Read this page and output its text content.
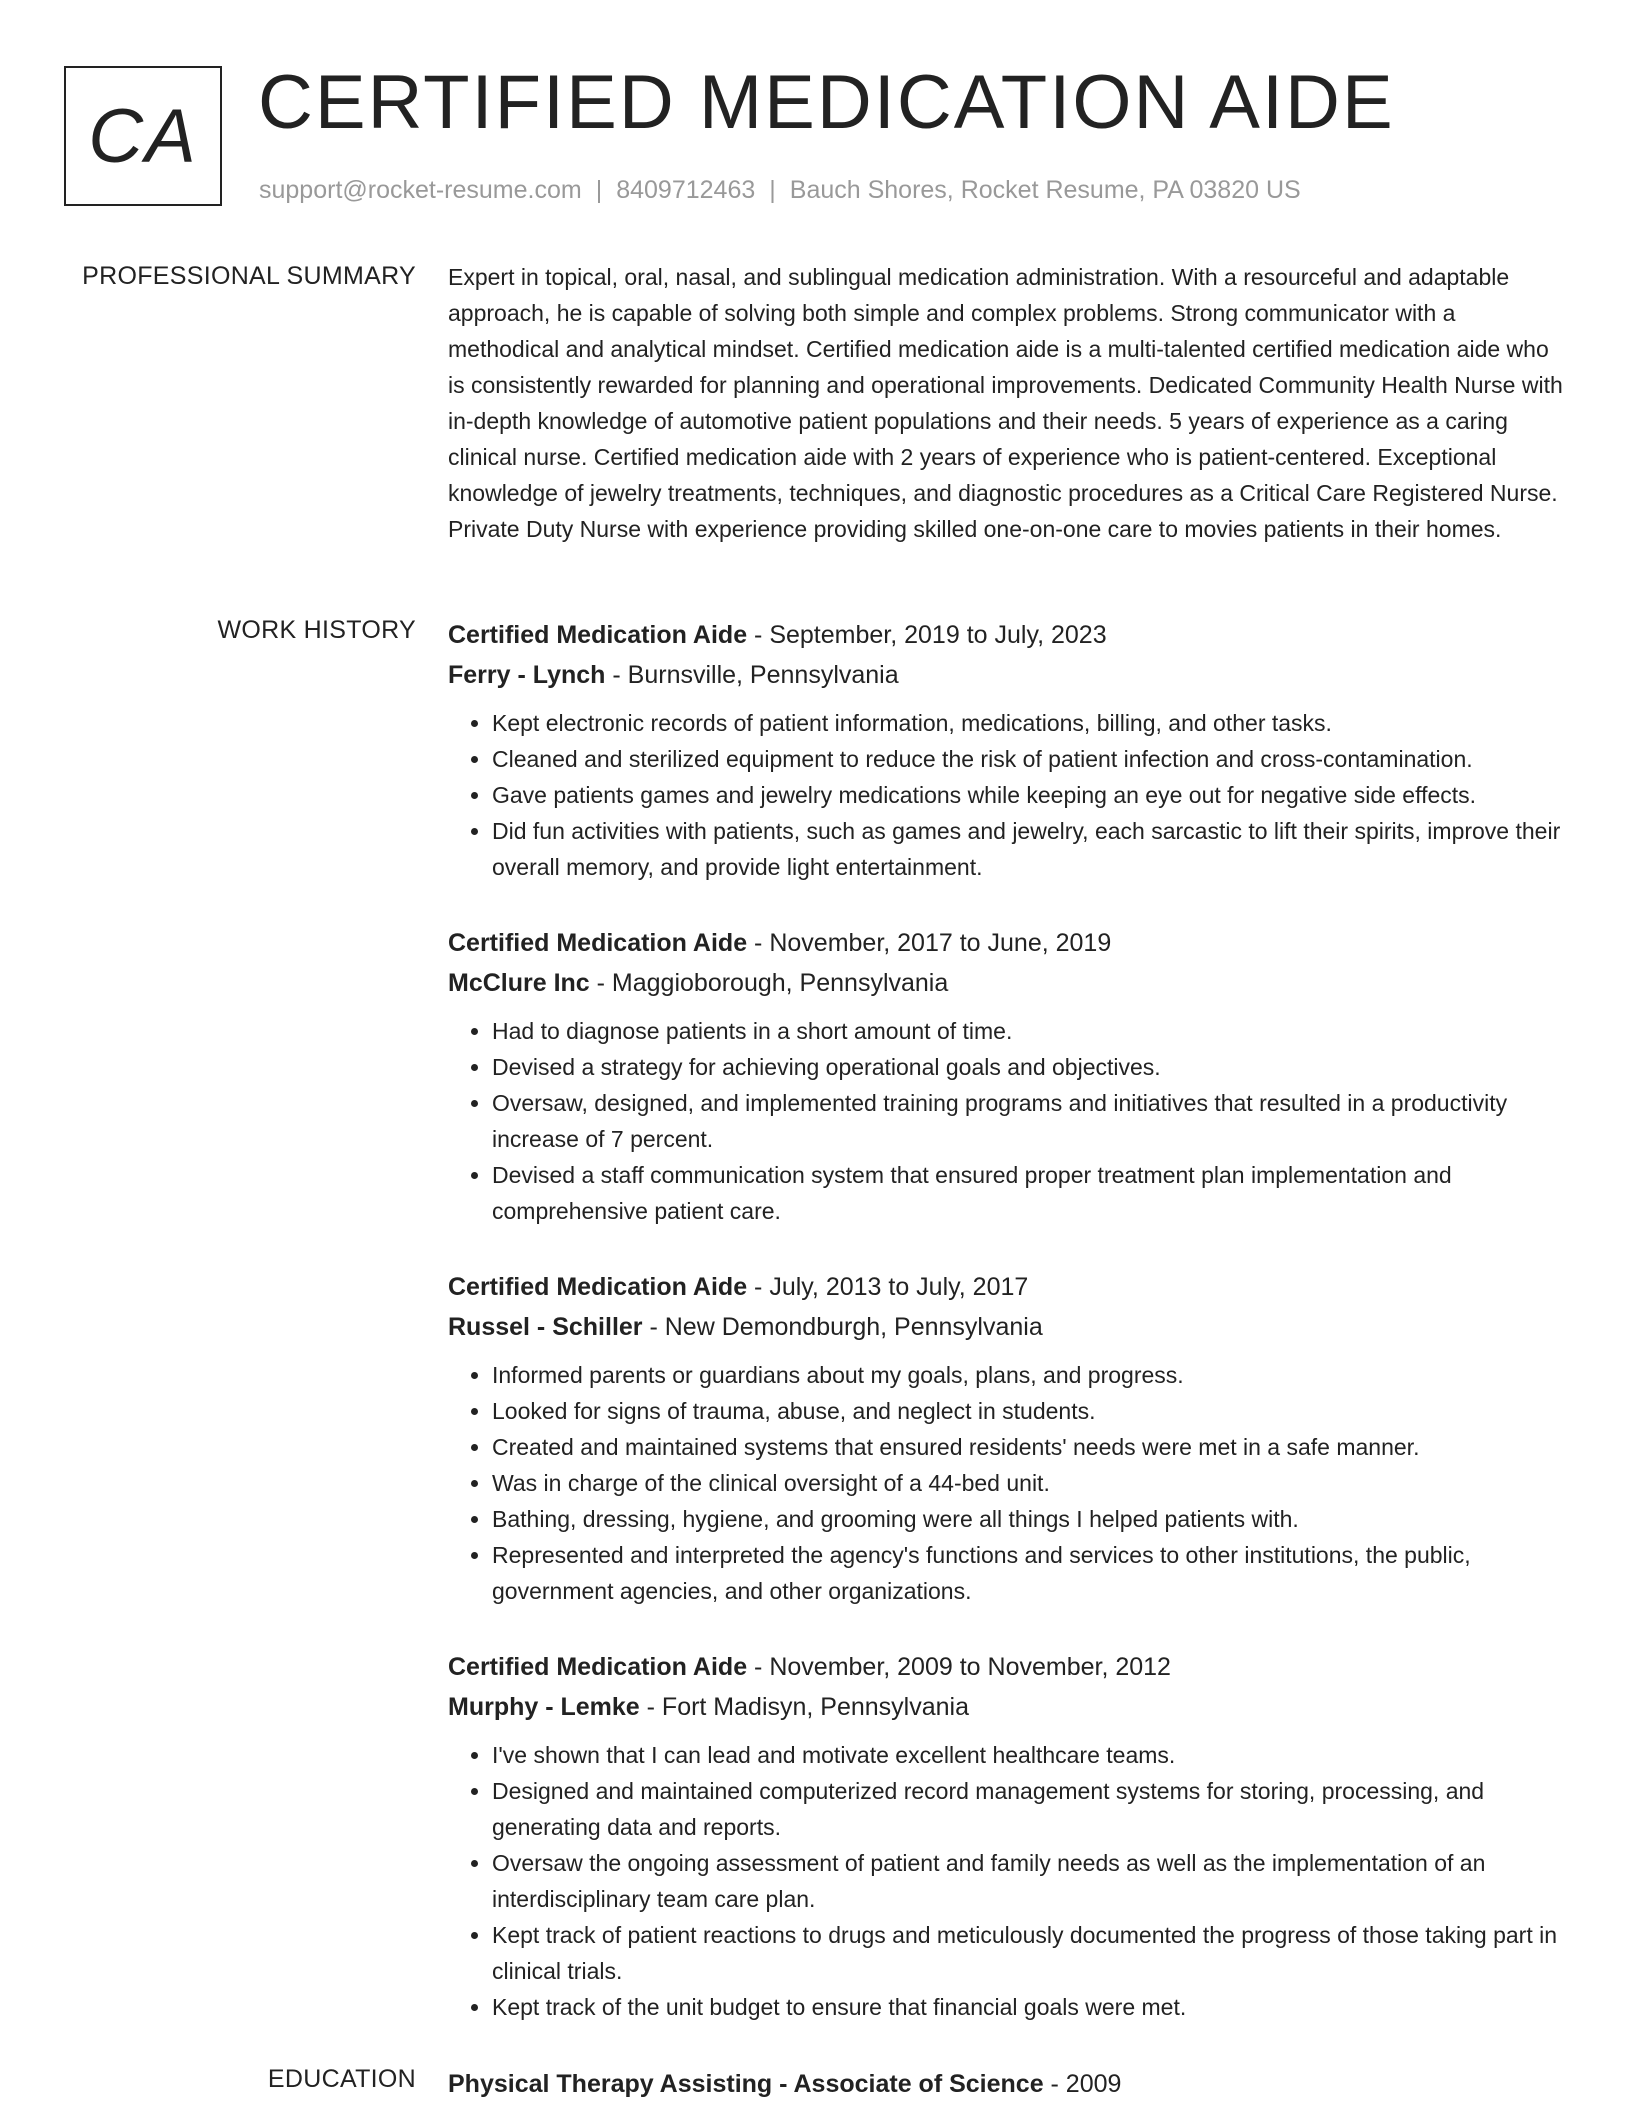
CA CERTIFIED MEDICATION AIDE
support@rocket-resume.com | 8409712463 | Bauch Shores, Rocket Resume, PA 03820 US
PROFESSIONAL SUMMARY Expert in topical, oral, nasal, and sublingual medication administration. With a resourceful and adaptable approach, he is capable of solving both simple and complex problems. Strong communicator with a methodical and analytical mindset. Certified medication aide is a multi-talented certified medication aide who is consistently rewarded for planning and operational improvements. Dedicated Community Health Nurse with in-depth knowledge of automotive patient populations and their needs. 5 years of experience as a caring clinical nurse. Certified medication aide with 2 years of experience who is patient-centered. Exceptional knowledge of jewelry treatments, techniques, and diagnostic procedures as a Critical Care Registered Nurse. Private Duty Nurse with experience providing skilled one-on-one care to movies patients in their homes.

WORK HISTORY Certified Medication Aide - September, 2019 to July, 2023
Ferry - Lynch - Burnsville, Pennsylvania
• Kept electronic records of patient information, medications, billing, and other tasks.
• Cleaned and sterilized equipment to reduce the risk of patient infection and cross-contamination.
• Gave patients games and jewelry medications while keeping an eye out for negative side effects.
• Did fun activities with patients, such as games and jewelry, each sarcastic to lift their spirits, improve their overall memory, and provide light entertainment.
Certified Medication Aide - November, 2017 to June, 2019
McClure Inc - Maggioborough, Pennsylvania
• Had to diagnose patients in a short amount of time.
• Devised a strategy for achieving operational goals and objectives.
• Oversaw, designed, and implemented training programs and initiatives that resulted in a productivity increase of 7 percent.
• Devised a staff communication system that ensured proper treatment plan implementation and comprehensive patient care.
Certified Medication Aide - July, 2013 to July, 2017
Russel - Schiller - New Demondburgh, Pennsylvania
• Informed parents or guardians about my goals, plans, and progress.
• Looked for signs of trauma, abuse, and neglect in students.
• Created and maintained systems that ensured residents' needs were met in a safe manner.
• Was in charge of the clinical oversight of a 44-bed unit.
• Bathing, dressing, hygiene, and grooming were all things I helped patients with.
• Represented and interpreted the agency's functions and services to other institutions, the public, government agencies, and other organizations.
Certified Medication Aide - November, 2009 to November, 2012
Murphy - Lemke - Fort Madisyn, Pennsylvania
• I've shown that I can lead and motivate excellent healthcare teams.
• Designed and maintained computerized record management systems for storing, processing, and generating data and reports.
• Oversaw the ongoing assessment of patient and family needs as well as the implementation of an interdisciplinary team care plan.
• Kept track of patient reactions to drugs and meticulously documented the progress of those taking part in clinical trials.
• Kept track of the unit budget to ensure that financial goals were met.
EDUCATION Physical Therapy Assisting - Associate of Science - 2009
